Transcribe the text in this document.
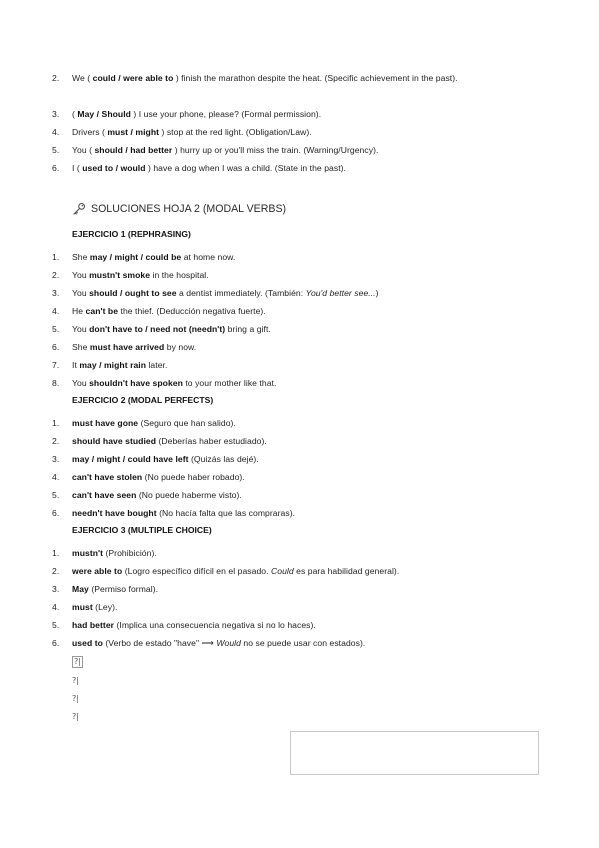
2. We ( could / were able to ) finish the marathon despite the heat. (Specific achievement in the past).
3. ( May / Should ) I use your phone, please? (Formal permission).
4. Drivers ( must / might ) stop at the red light. (Obligation/Law).
5. You ( should / had better ) hurry up or you'll miss the train. (Warning/Urgency).
6. I ( used to / would ) have a dog when I was a child. (State in the past).
SOLUCIONES HOJA 2 (MODAL VERBS)
EJERCICIO 1 (REPHRASING)
1. She may / might / could be at home now.
2. You mustn't smoke in the hospital.
3. You should / ought to see a dentist immediately. (También: You'd better see...)
4. He can't be the thief. (Deducción negativa fuerte).
5. You don't have to / need not (needn't) bring a gift.
6. She must have arrived by now.
7. It may / might rain later.
8. You shouldn't have spoken to your mother like that.
EJERCICIO 2 (MODAL PERFECTS)
1. must have gone (Seguro que han salido).
2. should have studied (Deberías haber estudiado).
3. may / might / could have left (Quizás las dejé).
4. can't have stolen (No puede haber robado).
5. can't have seen (No puede haberme visto).
6. needn't have bought (No hacía falta que las compraras).
EJERCICIO 3 (MULTIPLE CHOICE)
1. mustn't (Prohibición).
2. were able to (Logro específico difícil en el pasado. Could es para habilidad general).
3. May (Permiso formal).
4. must (Ley).
5. had better (Implica una consecuencia negativa si no lo haces).
6. used to (Verbo de estado "have" ⟶ Would no se puede usar con estados).
?|
?|
?|
?|
